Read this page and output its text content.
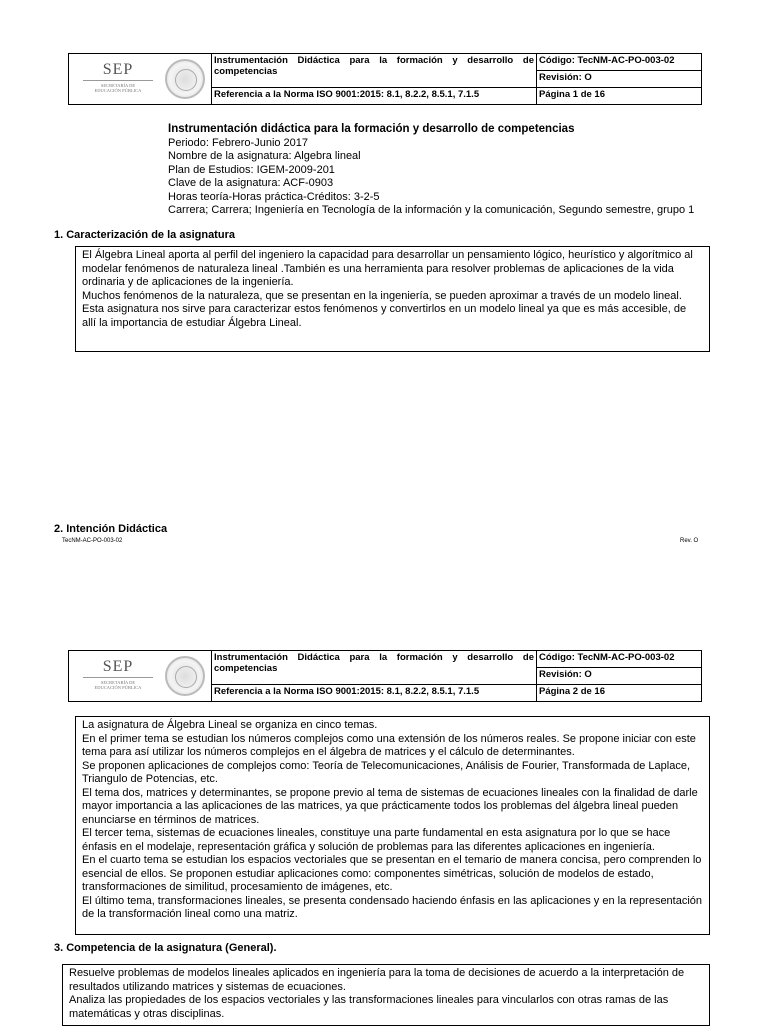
SEP
SECRETARÍA DE
EDUCACIÓN PÚBLICA	Instrumentación Didáctica para la formación y desarrollo de competencias	Código: TecNM-AC-PO-003-02
		Revisión: O
	Referencia a la Norma ISO 9001:2015: 8.1, 8.2.2, 8.5.1, 7.1.5	Página 1 de 16
Instrumentación didáctica para la formación y desarrollo de competencias
Periodo: Febrero-Junio 2017
Nombre de la asignatura: Algebra lineal
Plan de Estudios: IGEM-2009-201
Clave de la asignatura: ACF-0903
Horas teoría-Horas práctica-Créditos: 3-2-5
Carrera; Carrera; Ingeniería en Tecnología de la información y la comunicación, Segundo semestre, grupo 1
1. Caracterización de la asignatura

El Álgebra Lineal aporta al perfil del ingeniero la capacidad para desarrollar un pensamiento lógico, heurístico y algorítmico al modelar fenómenos de naturaleza lineal .También es una herramienta para resolver problemas de aplicaciones de la vida ordinaria y de aplicaciones de la ingeniería.

Muchos fenómenos de la naturaleza, que se presentan en la ingeniería, se pueden aproximar a través de un modelo lineal. Esta asignatura nos sirve para caracterizar estos fenómenos y convertirlos en un modelo lineal ya que es más accesible, de allí la importancia de estudiar Álgebra Lineal.

2. Intención Didáctica
TecNM-AC-PO-003-02	Rev. O
SEP
SECRETARÍA DE
EDUCACIÓN PÚBLICA	Instrumentación Didáctica para la formación y desarrollo de competencias	Código: TecNM-AC-PO-003-02
		Revisión: O
	Referencia a la Norma ISO 9001:2015: 8.1, 8.2.2, 8.5.1, 7.1.5	Página 2 de 16

La asignatura de Álgebra Lineal se organiza en cinco temas.

En el primer tema se estudian los números complejos como una extensión de los números reales. Se propone iniciar con este tema para así utilizar los números complejos en el álgebra de matrices y el cálculo de determinantes.

Se proponen aplicaciones de complejos como: Teoría de Telecomunicaciones, Análisis de Fourier, Transformada de Laplace, Triangulo de Potencias, etc.

El tema dos, matrices y determinantes, se propone previo al tema de sistemas de ecuaciones lineales con la finalidad de darle mayor importancia a las aplicaciones de las matrices, ya que prácticamente todos los problemas del álgebra lineal pueden enunciarse en términos de matrices.

El tercer tema, sistemas de ecuaciones lineales, constituye una parte fundamental en esta asignatura por lo que se hace énfasis en el modelaje, representación gráfica y solución de problemas para las diferentes aplicaciones en ingeniería.

En el cuarto tema se estudian los espacios vectoriales que se presentan en el temario de manera concisa, pero comprenden lo esencial de ellos. Se proponen estudiar aplicaciones como: componentes simétricas, solución de modelos de estado, transformaciones de similitud, procesamiento de imágenes, etc.

El último tema, transformaciones lineales, se presenta condensado haciendo énfasis en las aplicaciones y en la representación de la transformación lineal como una matriz.

3. Competencia de la asignatura (General).

Resuelve problemas de modelos lineales aplicados en ingeniería para la toma de decisiones de acuerdo a la interpretación de resultados utilizando matrices y sistemas de ecuaciones.

Analiza las propiedades de los espacios vectoriales y las transformaciones lineales para vincularlos con otras ramas de las matemáticas y otras disciplinas.
